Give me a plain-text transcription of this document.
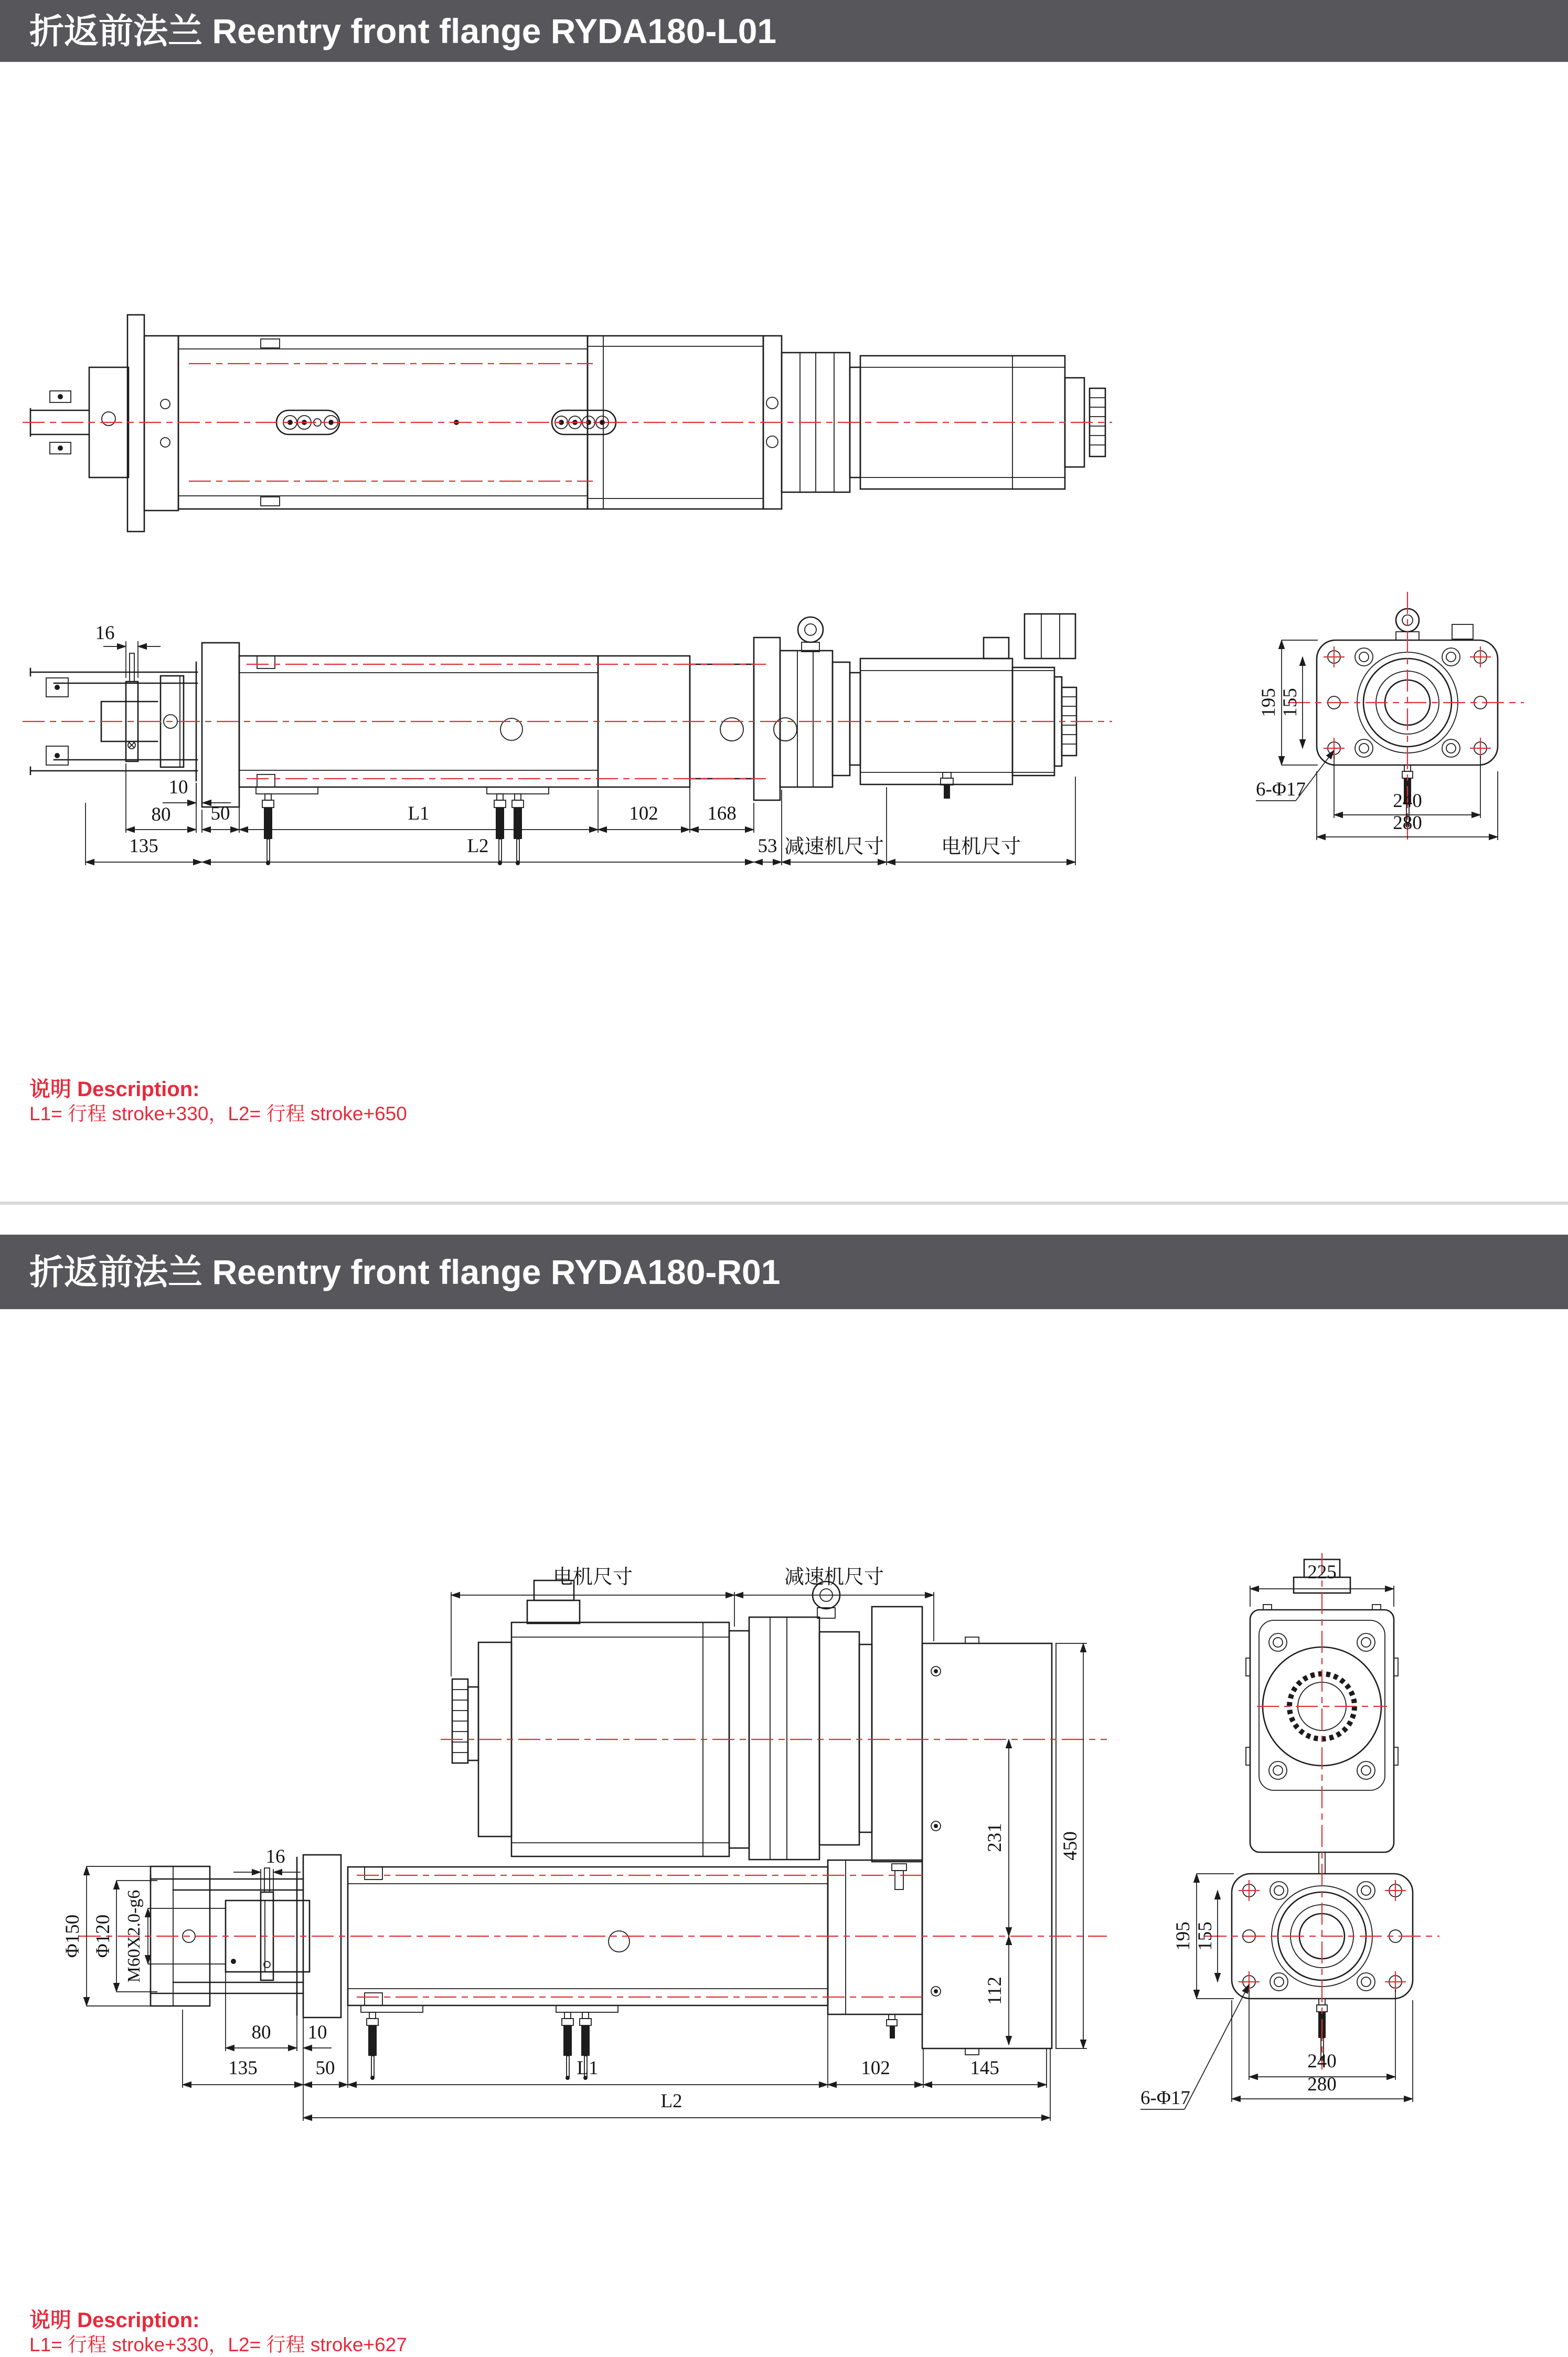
折返前法兰 Reentry front flange RYDA180-L01
16
10
80 50	L1	102	168
135	L2	53 减速机尺寸	电机尺寸
195 155
240
280
6-Φ17
说明 Description:
L1= 行程 stroke+330，L2= 行程 stroke+650
折返前法兰 Reentry front flange RYDA180-R01
电机尺寸	减速机尺寸
450
231
112
Φ150 Φ120 M60X2.0-g6
16
80 10
135	50	L1	102	145
L2
225
195 155
240
280
6-Φ17
说明 Description:
L1= 行程 stroke+330，L2= 行程 stroke+627
